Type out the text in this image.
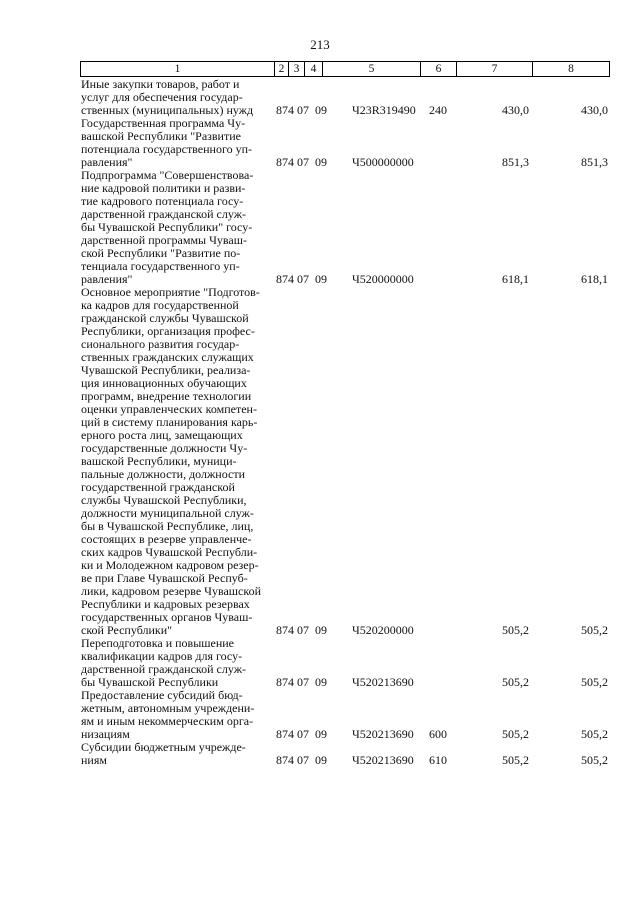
213
1	2 3 4	5	6	7	8
Иные закупки товаров, работ и
услуг для обеспечения государ-
ственных (муниципальных) нужд	874 07 09 Ч23R319490 240	430,0	430,0
Государственная программа Чу-
вашской Республики "Развитие
потенциала государственного уп-
равления"	874 07 09 Ч500000000	851,3	851,3
Подпрограмма "Совершенствова-
ние кадровой политики и разви-
тие кадрового потенциала госу-
дарственной гражданской служ-
бы Чувашской Республики" госу-
дарственной программы Чуваш-
ской Республики "Развитие по-
тенциала государственного уп-
равления"	874 07 09 Ч520000000	618,1	618,1
Основное мероприятие "Подготов-
ка кадров для государственной
гражданской службы Чувашской
Республики, организация профес-
сионального развития государ-
ственных гражданских служащих
Чувашской Республики, реализа-
ция инновационных обучающих
программ, внедрение технологии
оценки управленческих компетен-
ций в систему планирования карь-
ерного роста лиц, замещающих
государственные должности Чу-
вашской Республики, муници-
пальные должности, должности
государственной гражданской
службы Чувашской Республики,
должности муниципальной служ-
бы в Чувашской Республике, лиц,
состоящих в резерве управленче-
ских кадров Чувашской Республи-
ки и Молодежном кадровом резер-
ве при Главе Чувашской Респуб-
лики, кадровом резерве Чувашской
Республики и кадровых резервах
государственных органов Чуваш-
ской Республики"	874 07 09 Ч520200000	505,2	505,2
Переподготовка и повышение
квалификации кадров для госу-
дарственной гражданской служ-
бы Чувашской Республики	874 07 09 Ч520213690	505,2	505,2
Предоставление субсидий бюд-
жетным, автономным учреждени-
ям и иным некоммерческим орга-
низациям	874 07 09 Ч520213690 600	505,2	505,2
Субсидии бюджетным учрежде-
ниям	874 07 09 Ч520213690 610	505,2	505,2
